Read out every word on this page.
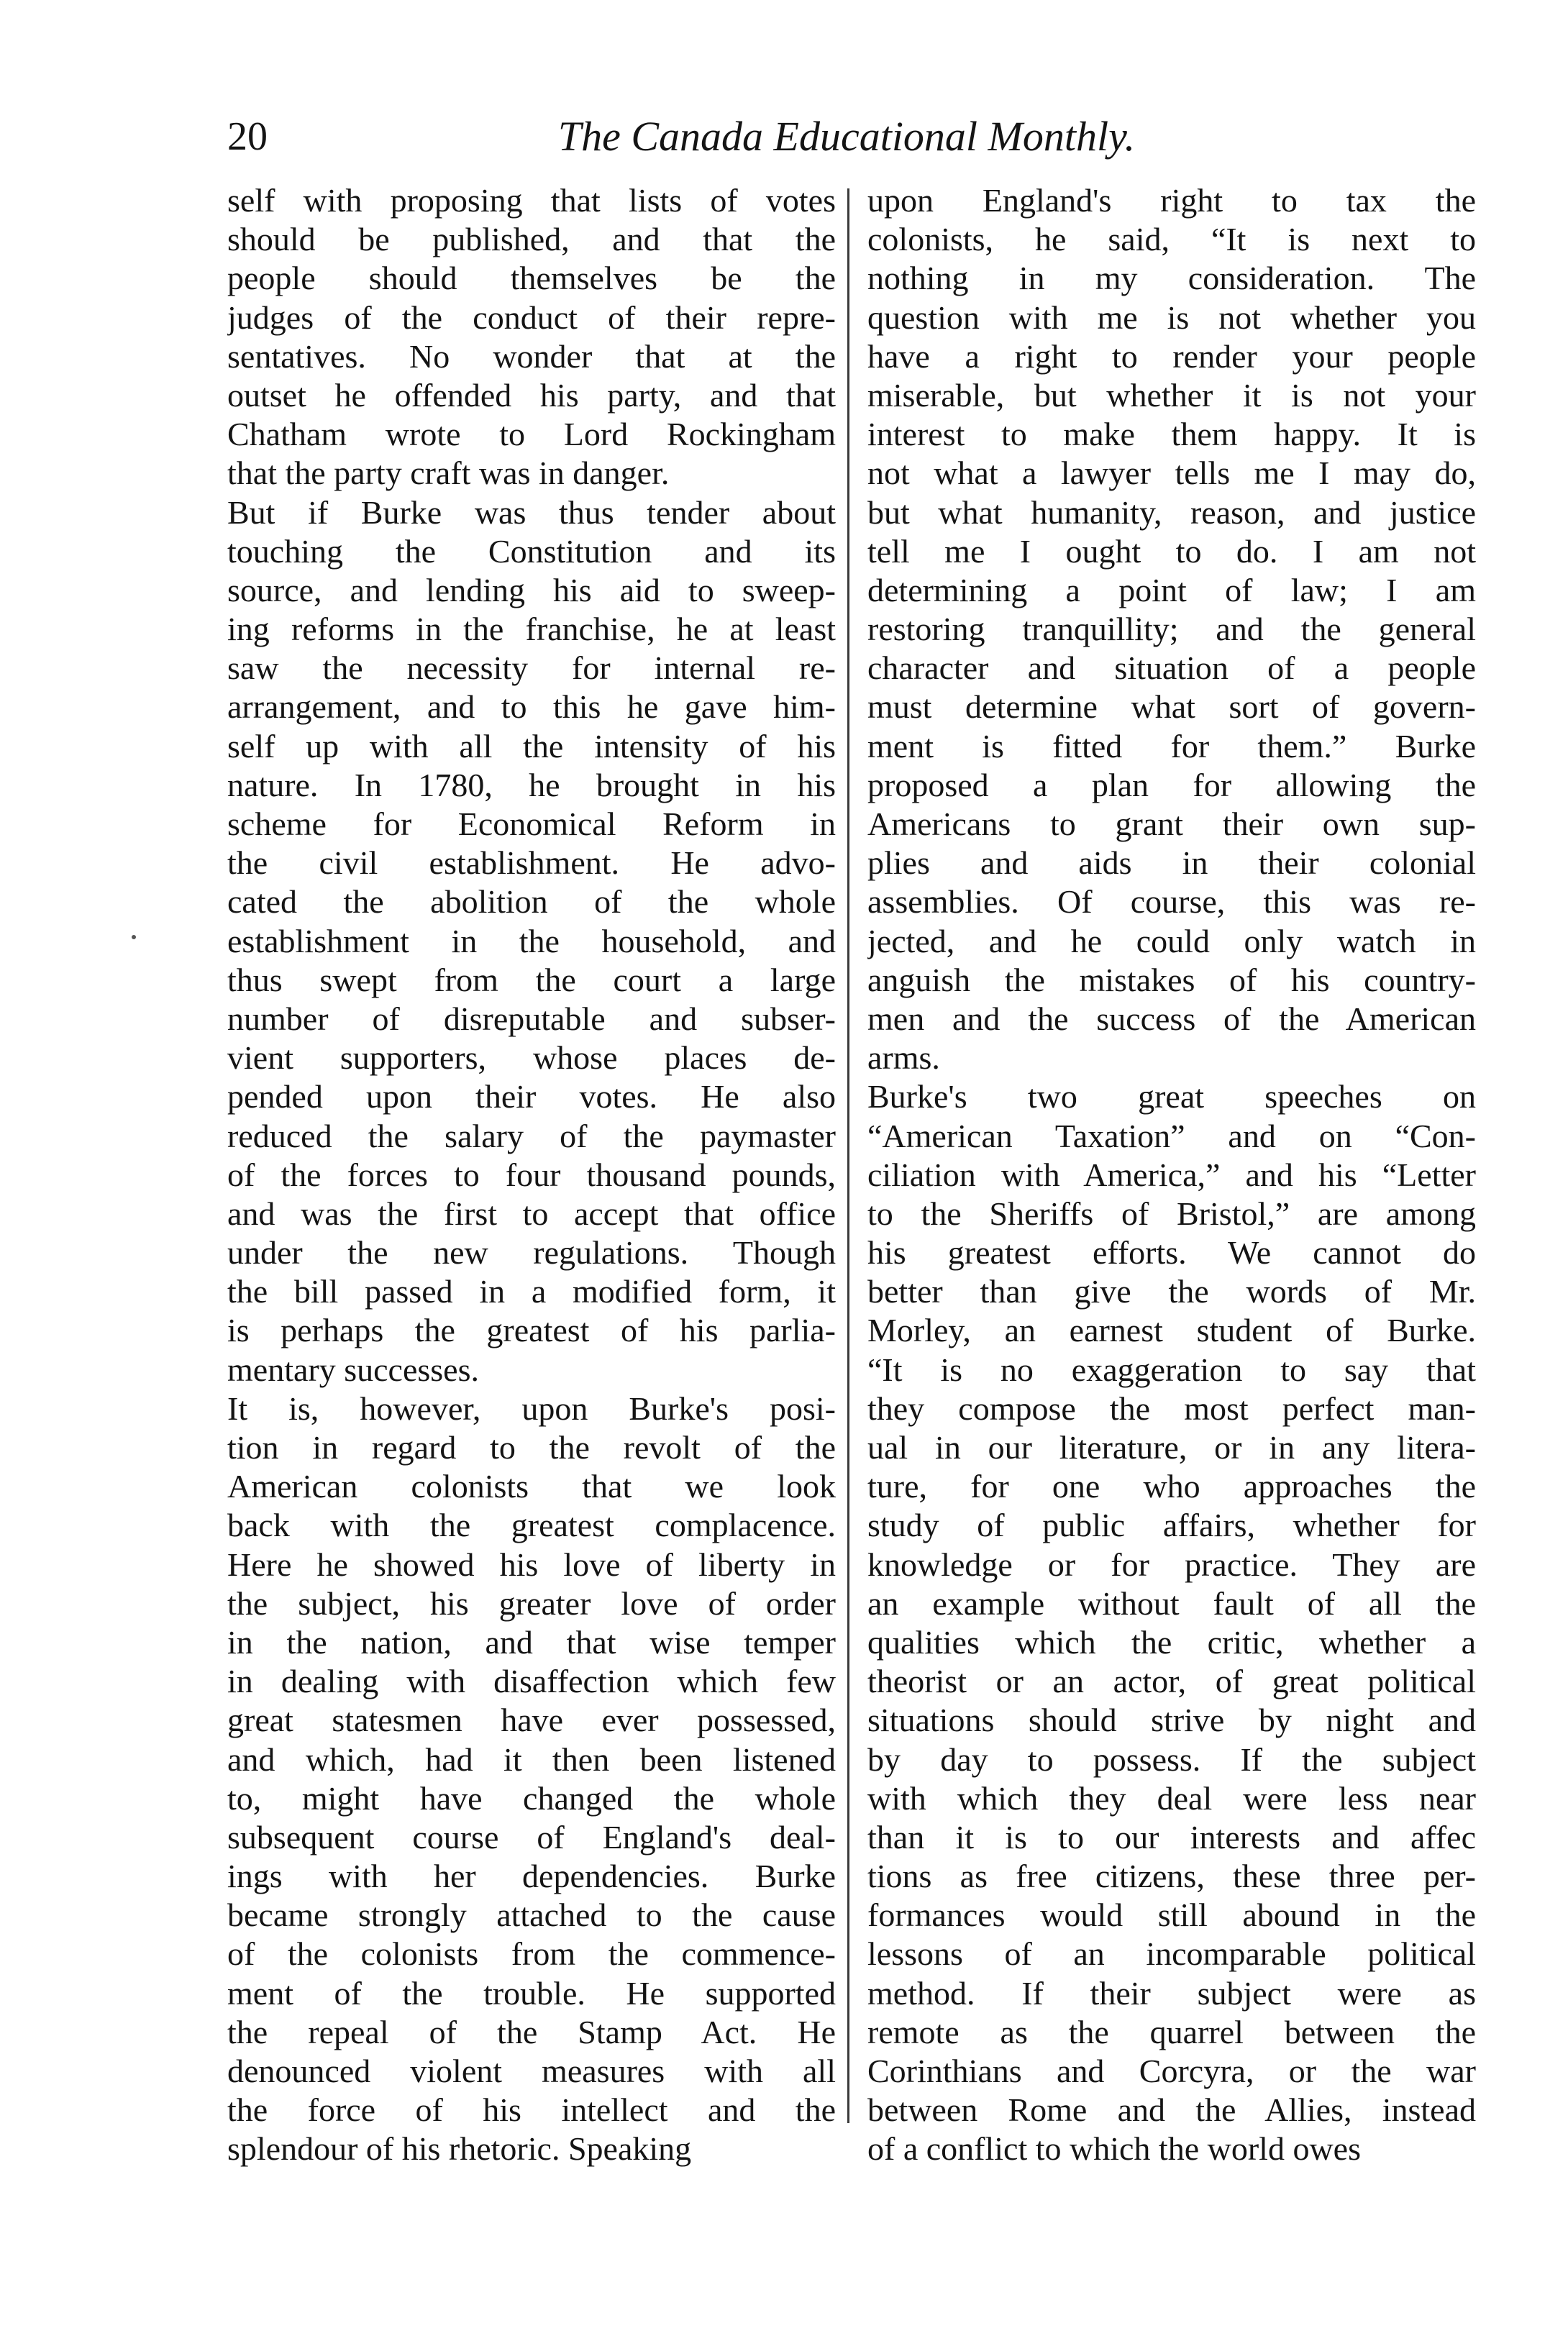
20	The Canada Educational Monthly.
self with proposing that lists of votes
should be published, and that the
people should themselves be the
judges of the conduct of their repre-
sentatives. No wonder that at the
outset he offended his party, and that
Chatham wrote to Lord Rockingham
that the party craft was in danger.
But if Burke was thus tender about
touching the Constitution and its
source, and lending his aid to sweep-
ing reforms in the franchise, he at least
saw the necessity for internal re-
arrangement, and to this he gave him-
self up with all the intensity of his
nature. In 1780, he brought in his
scheme for Economical Reform in
the civil establishment. He advo-
cated the abolition of the whole
establishment in the household, and
thus swept from the court a large
number of disreputable and subser-
vient supporters, whose places de-
pended upon their votes. He also
reduced the salary of the paymaster
of the forces to four thousand pounds,
and was the first to accept that office
under the new regulations. Though
the bill passed in a modified form, it
is perhaps the greatest of his parlia-
mentary successes.
It is, however, upon Burke's posi-
tion in regard to the revolt of the
American colonists that we look
back with the greatest complacence.
Here he showed his love of liberty in
the subject, his greater love of order
in the nation, and that wise temper
in dealing with disaffection which few
great statesmen have ever possessed,
and which, had it then been listened
to, might have changed the whole
subsequent course of England's deal-
ings with her dependencies. Burke
became strongly attached to the cause
of the colonists from the commence-
ment of the trouble. He supported
the repeal of the Stamp Act. He
denounced violent measures with all
the force of his intellect and the
splendour of his rhetoric. Speaking
upon England's right to tax the
colonists, he said, “It is next to
nothing in my consideration. The
question with me is not whether you
have a right to render your people
miserable, but whether it is not your
interest to make them happy. It is
not what a lawyer tells me I may do,
but what humanity, reason, and justice
tell me I ought to do. I am not
determining a point of law; I am
restoring tranquillity; and the general
character and situation of a people
must determine what sort of govern-
ment is fitted for them.” Burke
proposed a plan for allowing the
Americans to grant their own sup-
plies and aids in their colonial
assemblies. Of course, this was re-
jected, and he could only watch in
anguish the mistakes of his country-
men and the success of the American
arms.
Burke's two great speeches on
“American Taxation” and on “Con-
ciliation with America,” and his “Letter
to the Sheriffs of Bristol,” are among
his greatest efforts. We cannot do
better than give the words of Mr.
Morley, an earnest student of Burke.
“It is no exaggeration to say that
they compose the most perfect man-
ual in our literature, or in any litera-
ture, for one who approaches the
study of public affairs, whether for
knowledge or for practice. They are
an example without fault of all the
qualities which the critic, whether a
theorist or an actor, of great political
situations should strive by night and
by day to possess. If the subject
with which they deal were less near
than it is to our interests and affec
tions as free citizens, these three per-
formances would still abound in the
lessons of an incomparable political
method. If their subject were as
remote as the quarrel between the
Corinthians and Corcyra, or the war
between Rome and the Allies, instead
of a conflict to which the world owes
